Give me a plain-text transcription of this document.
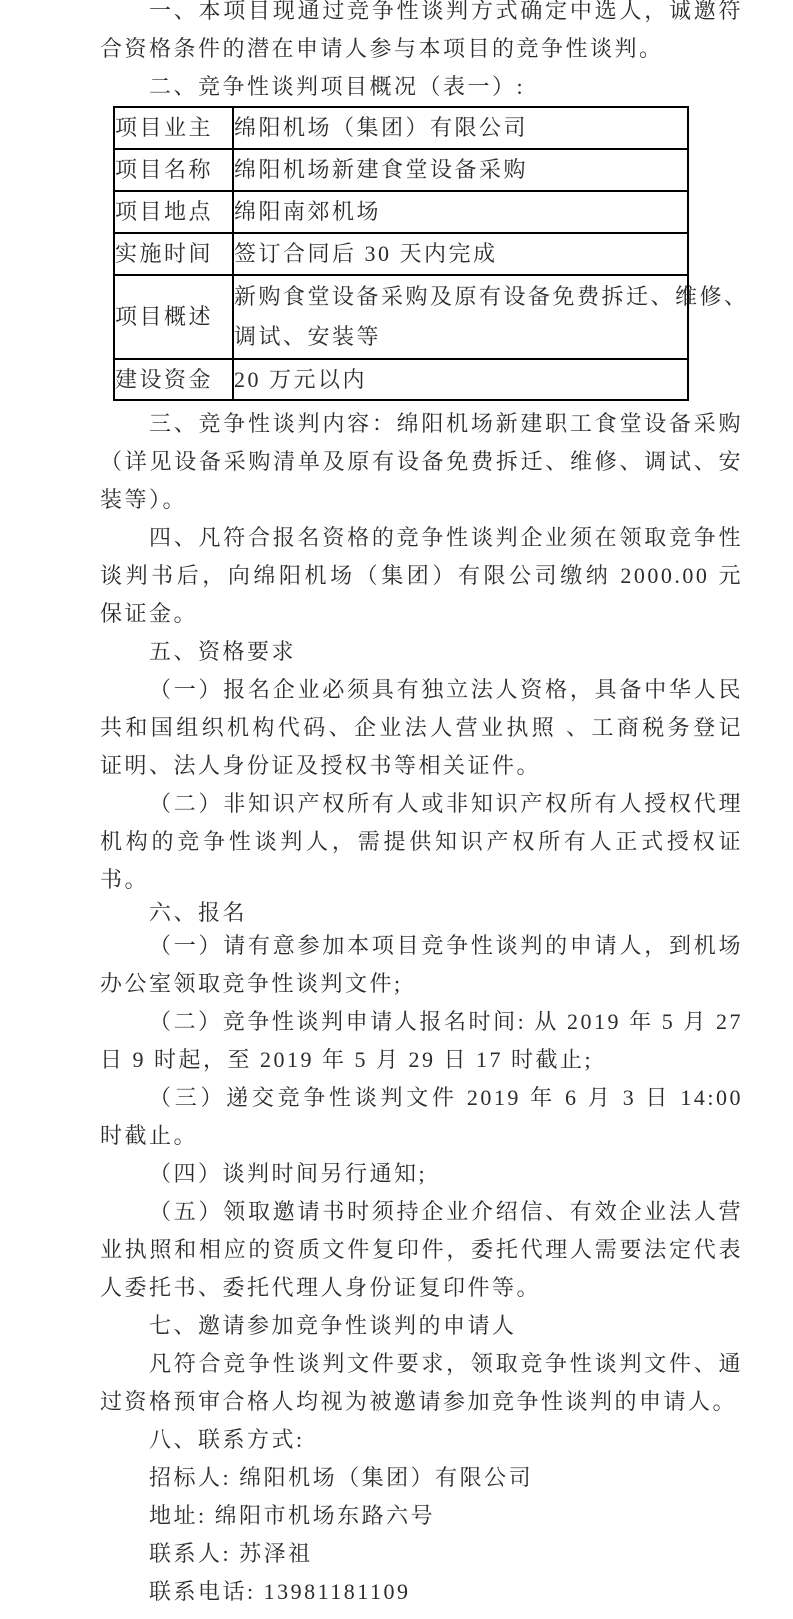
一、本项目现通过竞争性谈判方式确定中选人，诚邀符合资格条件的潜在申请人参与本项目的竞争性谈判。

二、竞争性谈判项目概况（表一）:

项目业主	绵阳机场（集团）有限公司
项目名称	绵阳机场新建食堂设备采购
项目地点	绵阳南郊机场
实施时间	签订合同后 30 天内完成
项目概述	新购食堂设备采购及原有设备免费拆迁、维修、调试、安装等

建设资金	20 万元以内

三、竞争性谈判内容：绵阳机场新建职工食堂设备采购（详见设备采购清单及原有设备免费拆迁、维修、调试、安装等）。

四、凡符合报名资格的竞争性谈判企业须在领取竞争性谈判书后，向绵阳机场（集团）有限公司缴纳 2000.00 元保证金。

五、资格要求

（一）报名企业必须具有独立法人资格，具备中华人民共和国组织机构代码、企业法人营业执照 、工商税务登记证明、法人身份证及授权书等相关证件。

（二）非知识产权所有人或非知识产权所有人授权代理机构的竞争性谈判人，需提供知识产权所有人正式授权证书。

六、报名

（一）请有意参加本项目竞争性谈判的申请人，到机场办公室领取竞争性谈判文件;

（二）竞争性谈判申请人报名时间: 从 2019 年 5 月 27 日 9 时起，至 2019 年 5 月 29 日 17 时截止;

（三）递交竞争性谈判文件 2019 年 6 月 3 日 14:00 时截止。

（四）谈判时间另行通知;

（五）领取邀请书时须持企业介绍信、有效企业法人营业执照和相应的资质文件复印件，委托代理人需要法定代表人委托书、委托代理人身份证复印件等。

七、邀请参加竞争性谈判的申请人

凡符合竞争性谈判文件要求，领取竞争性谈判文件、通过资格预审合格人均视为被邀请参加竞争性谈判的申请人。

八、联系方式:

招标人: 绵阳机场（集团）有限公司

地址: 绵阳市机场东路六号

联系人: 苏泽祖

联系电话: 13981181109
